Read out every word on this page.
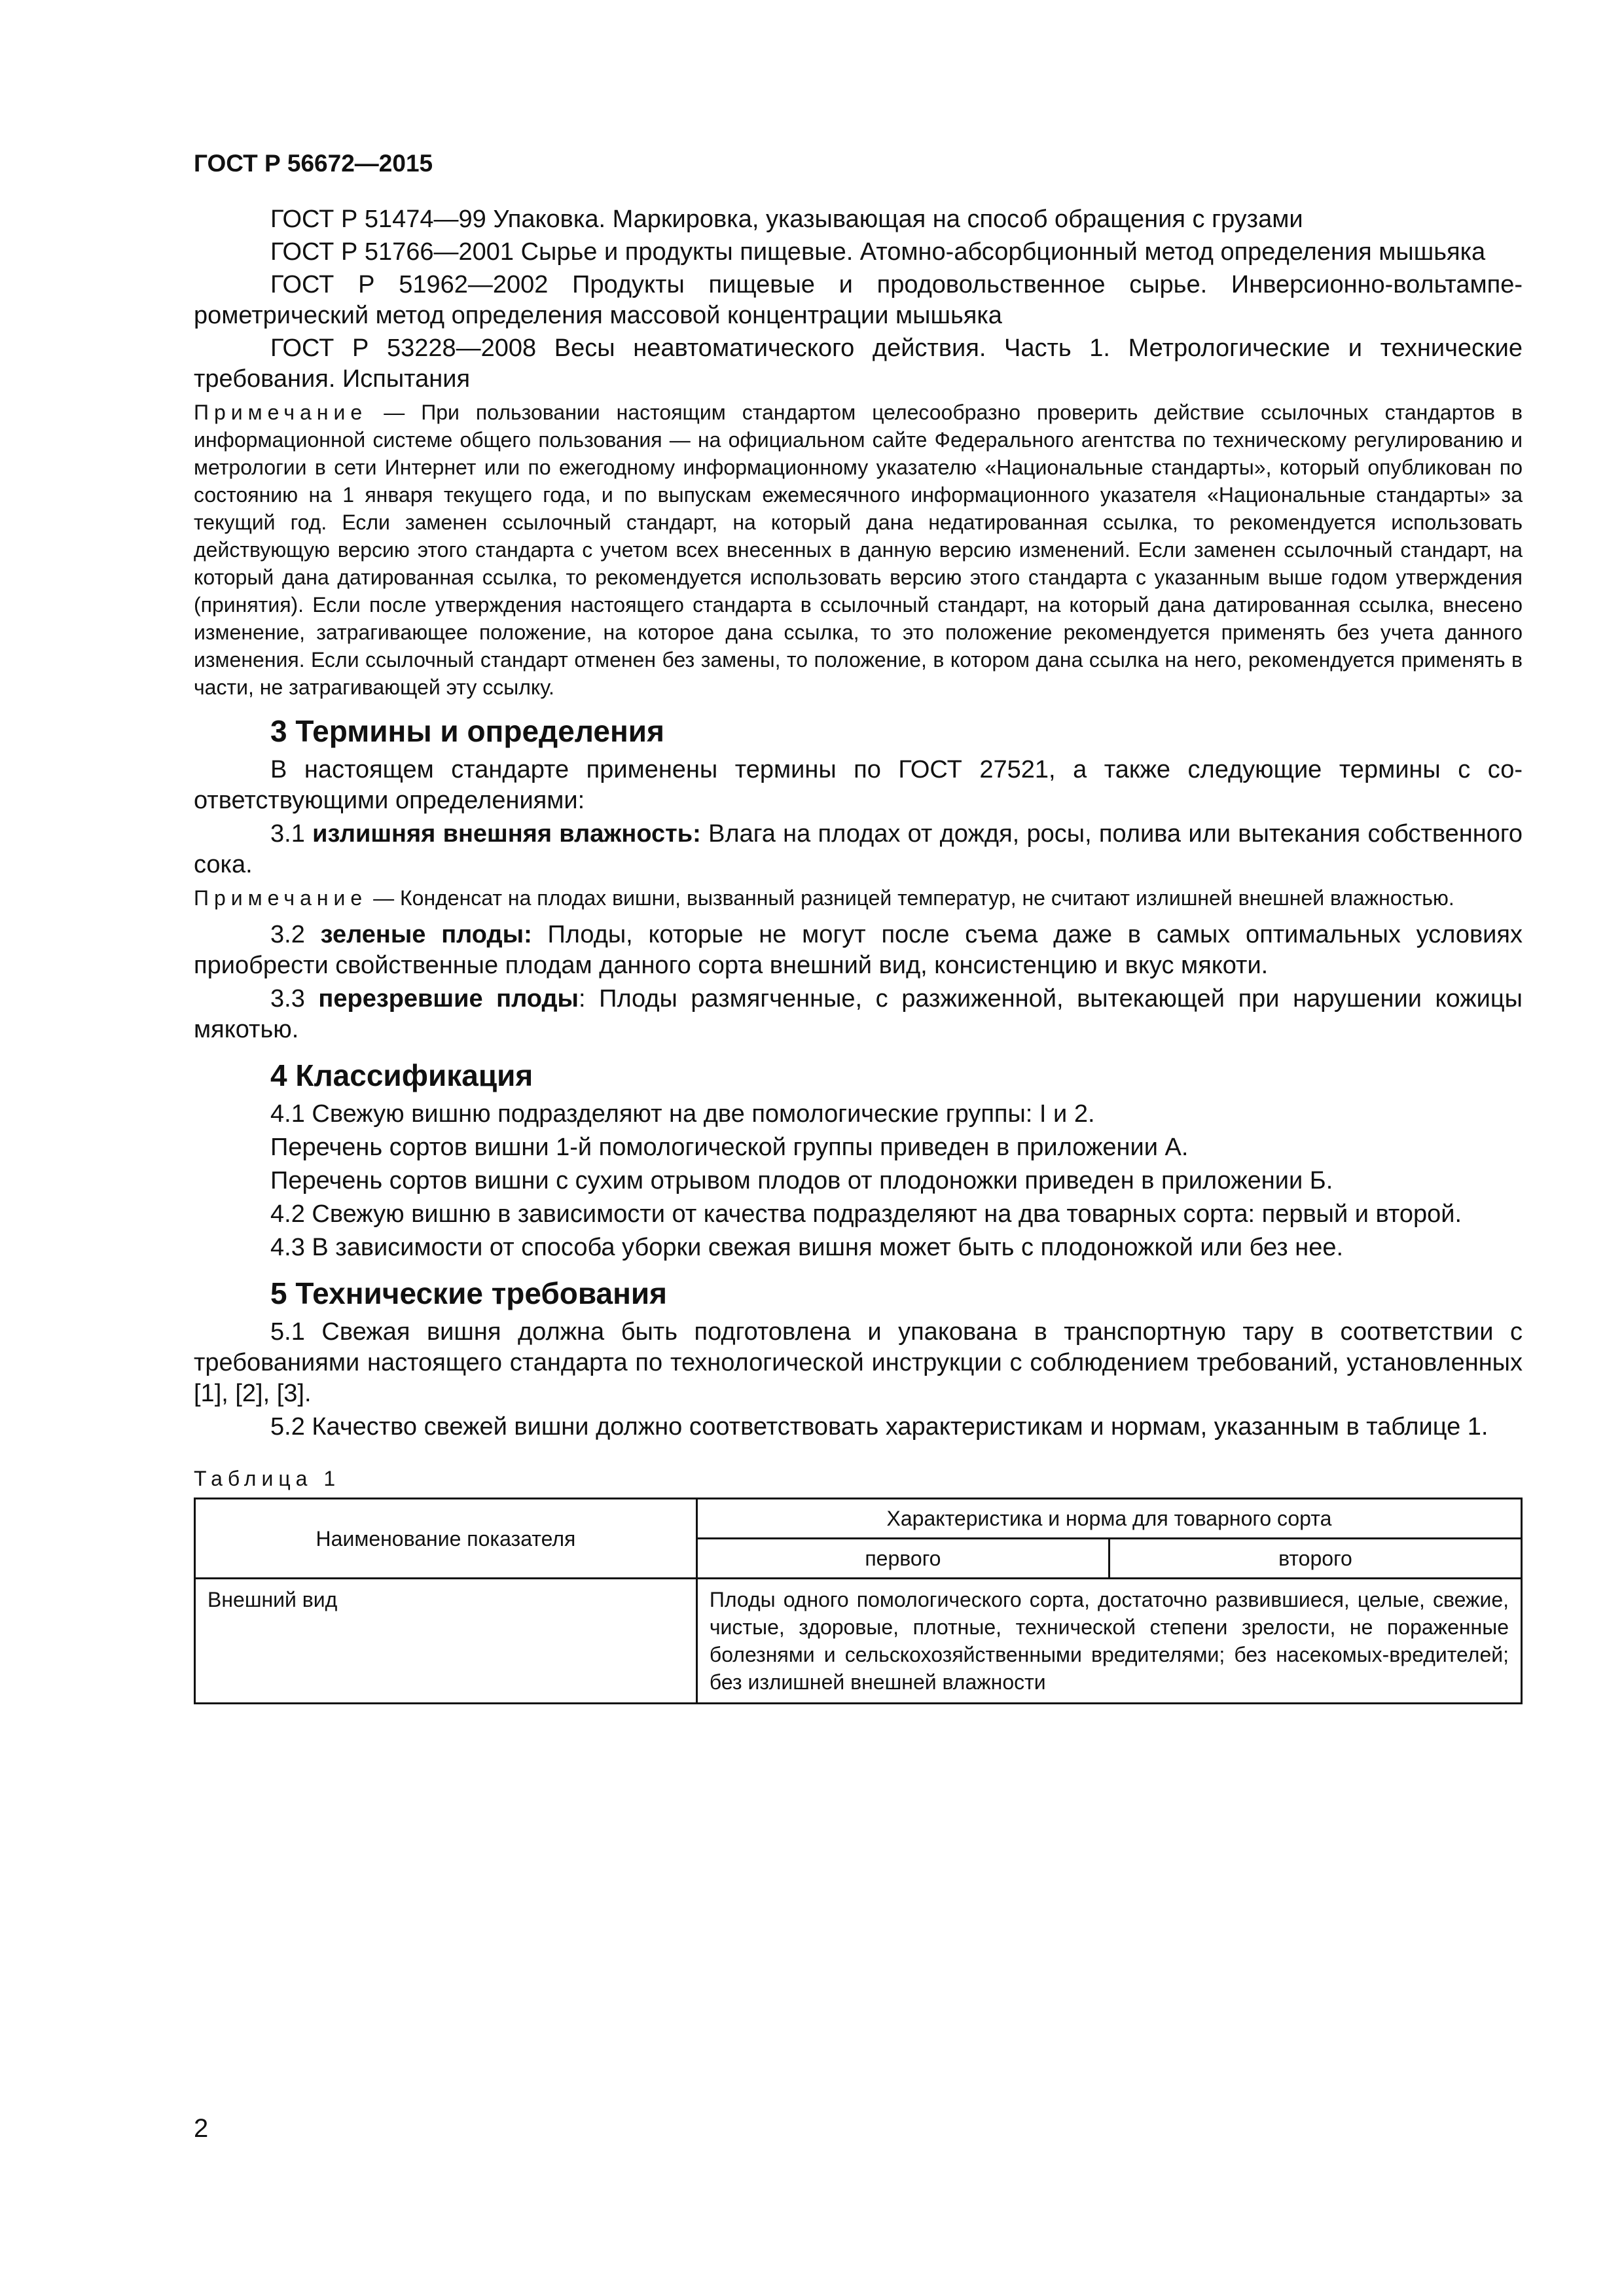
ГОСТ Р 56672—2015

ГОСТ Р 51474—99 Упаковка. Маркировка, указывающая на способ обращения с грузами

ГОСТ Р 51766—2001 Сырье и продукты пищевые. Атомно-абсорбционный метод определения мышьяка

ГОСТ Р 51962—2002 Продукты пищевые и продовольственное сырье. Инверсионно-вольтамперометрический метод определения массовой концентрации мышьяка

ГОСТ Р 53228—2008 Весы неавтоматического действия. Часть 1. Метрологические и технические требования. Испытания

Примечание — При пользовании настоящим стандартом целесообразно проверить действие ссылочных стандартов в информационной системе общего пользования — на официальном сайте Федерального агентства по техническому регулированию и метрологии в сети Интернет или по ежегодному информационному указателю «Национальные стандарты», который опубликован по состоянию на 1 января текущего года, и по выпускам ежемесячного информационного указателя «Национальные стандарты» за текущий год. Если заменен ссылочный стандарт, на который дана недатированная ссылка, то рекомендуется использовать действующую версию этого стандарта с учетом всех внесенных в данную версию изменений. Если заменен ссылочный стандарт, на который дана датированная ссылка, то рекомендуется использовать версию этого стандарта с указанным выше годом утверждения (принятия). Если после утверждения настоящего стандарта в ссылочный стандарт, на который дана датированная ссылка, внесено изменение, затрагивающее положение, на которое дана ссылка, то это положение рекомендуется применять без учета данного изменения. Если ссылочный стандарт отменен без замены, то положение, в котором дана ссылка на него, рекомендуется применять в части, не затрагивающей эту ссылку.

3 Термины и определения

В настоящем стандарте применены термины по ГОСТ 27521, а также следующие термины с соответствующими определениями:

3.1 излишняя внешняя влажность: Влага на плодах от дождя, росы, полива или вытекания собственного сока.

Примечание — Конденсат на плодах вишни, вызванный разницей температур, не считают излишней внешней влажностью.

3.2 зеленые плоды: Плоды, которые не могут после съема даже в самых оптимальных условиях приобрести свойственные плодам данного сорта внешний вид, консистенцию и вкус мякоти.

3.3 перезревшие плоды: Плоды размягченные, с разжиженной, вытекающей при нарушении кожицы мякотью.

4 Классификация

4.1 Свежую вишню подразделяют на две помологические группы: I и 2.

Перечень сортов вишни 1-й помологической группы приведен в приложении А.

Перечень сортов вишни с сухим отрывом плодов от плодоножки приведен в приложении Б.

4.2 Свежую вишню в зависимости от качества подразделяют на два товарных сорта: первый и второй.

4.3 В зависимости от способа уборки свежая вишня может быть с плодоножкой или без нее.

5 Технические требования

5.1 Свежая вишня должна быть подготовлена и упакована в транспортную тару в соответствии с требованиями настоящего стандарта по технологической инструкции с соблюдением требований, установленных [1], [2], [3].

5.2 Качество свежей вишни должно соответствовать характеристикам и нормам, указанным в таблице 1.

Таблица 1
Наименование показателя	Характеристика и норма для товарного сорта	
	первого	второго
Внешний вид	Плоды одного помологического сорта, достаточно развившиеся, целые, свежие, чистые, здоровые, плотные, технической степени зрелости, не пораженные болезнями и сельскохозяйственными вредителями; без насекомых-вредителей; без излишней внешней влажности	
2
